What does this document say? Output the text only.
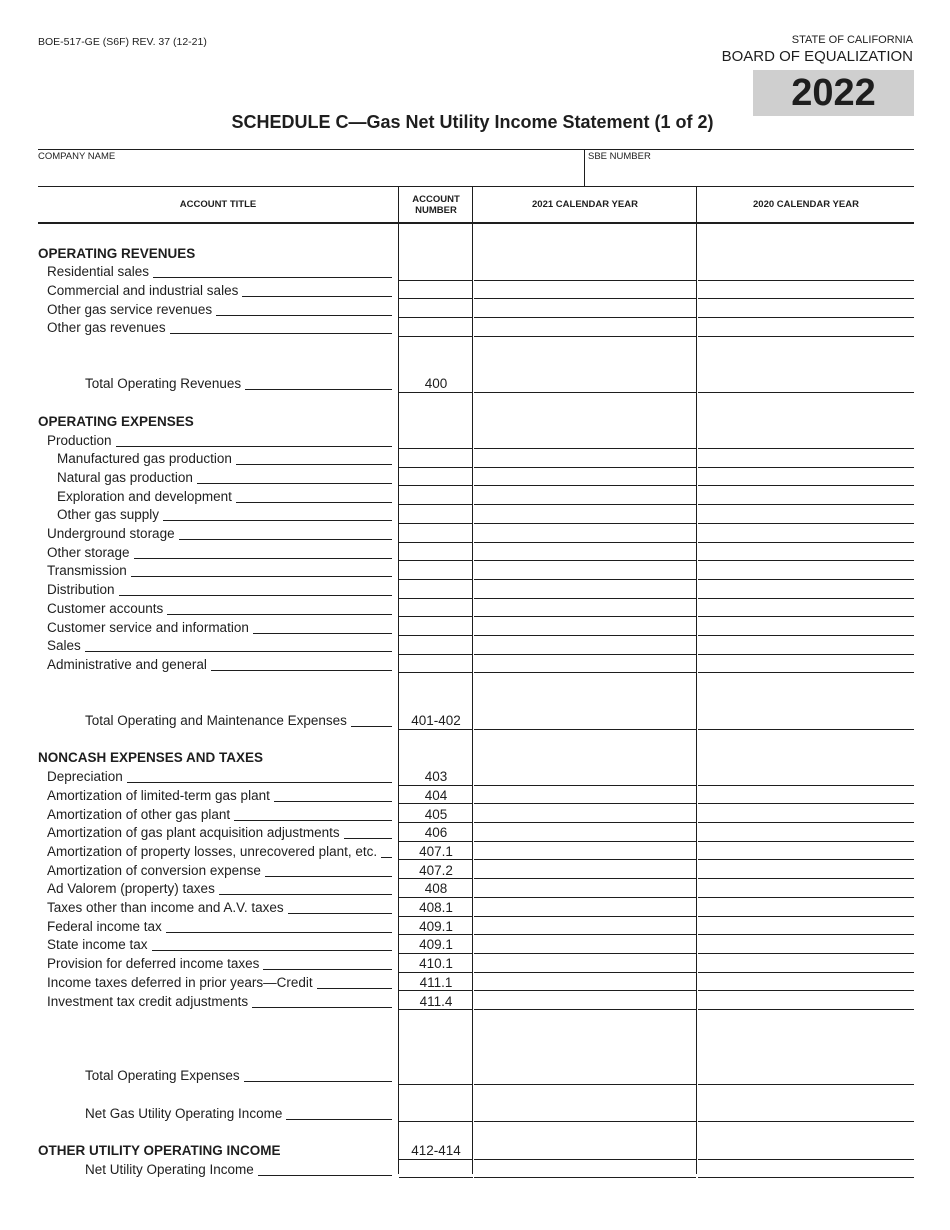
BOE-517-GE (S6F) REV. 37 (12-21)	STATE OF CALIFORNIA
BOARD OF EQUALIZATION
2022
SCHEDULE C—Gas Net Utility Income Statement (1 of 2)
COMPANY NAME	SBE NUMBER
ACCOUNT TITLE	ACCOUNT NUMBER	2021 CALENDAR YEAR	2020 CALENDAR YEAR
OPERATING REVENUES
Residential sales
Commercial and industrial sales
Other gas service revenues
Other gas revenues
Total Operating Revenues	400
OPERATING EXPENSES
Production
Manufactured gas production
Natural gas production
Exploration and development
Other gas supply
Underground storage
Other storage
Transmission
Distribution
Customer accounts
Customer service and information
Sales
Administrative and general
Total Operating and Maintenance Expenses	401-402
NONCASH EXPENSES AND TAXES
Depreciation	403
Amortization of limited-term gas plant	404
Amortization of other gas plant	405
Amortization of gas plant acquisition adjustments	406
Amortization of property losses, unrecovered plant, etc.	407.1
Amortization of conversion expense	407.2
Ad Valorem (property) taxes	408
Taxes other than income and A.V. taxes	408.1
Federal income tax	409.1
State income tax	409.1
Provision for deferred income taxes	410.1
Income taxes deferred in prior years—Credit	411.1
Investment tax credit adjustments	411.4
Total Operating Expenses
Net Gas Utility Operating Income
OTHER UTILITY OPERATING INCOME	412-414
Net Utility Operating Income
